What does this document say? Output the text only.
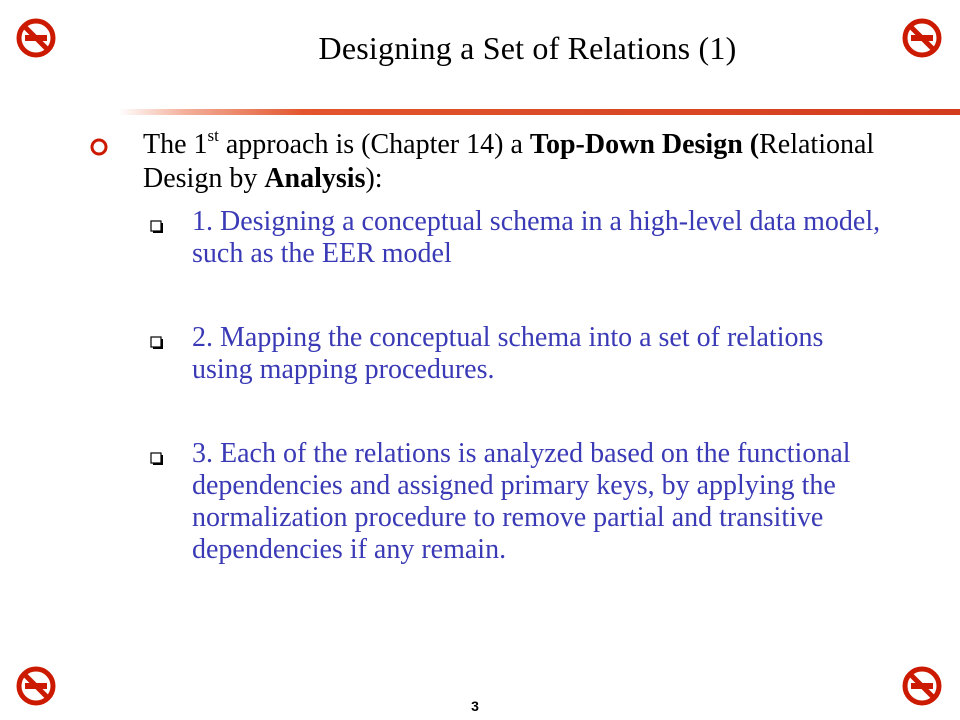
Designing a Set of Relations (1)
The 1st approach is (Chapter 14) a Top-Down Design (Relational Design by Analysis):
1. Designing a conceptual schema in a high-level data model, such as the EER model
2. Mapping the conceptual schema into a set of relations using mapping procedures.
3. Each of the relations is analyzed based on the functional dependencies and assigned primary keys, by applying the normalization procedure to remove partial and transitive dependencies if any remain.
3
